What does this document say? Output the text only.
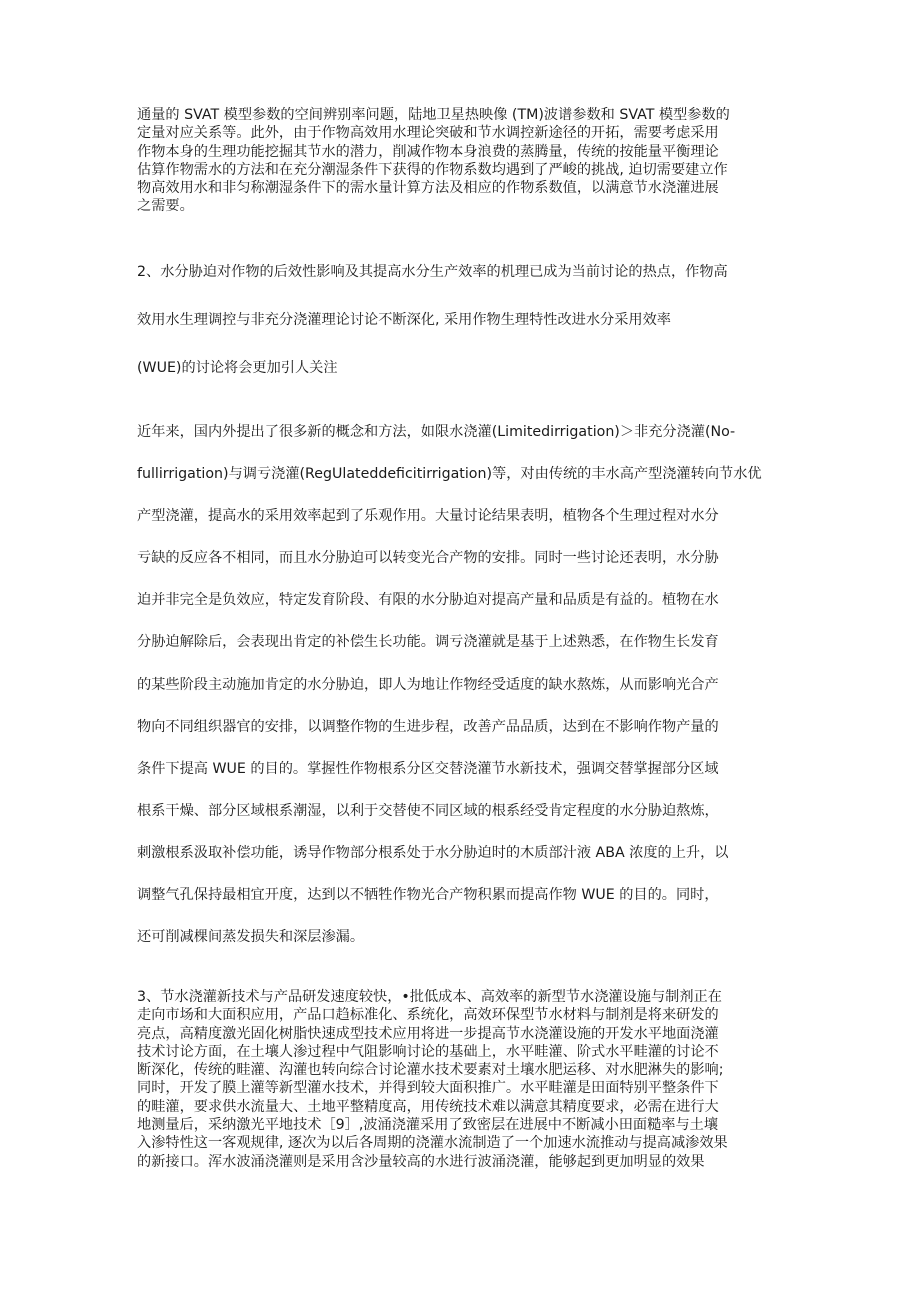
通量的 SVAT 模型参数的空间辨别率问题，陆地卫星热映像 (TM)波谱参数和 SVAT 模型参数的
定量对应关系等。此外，由于作物高效用水理论突破和节水调控新途径的开拓，需要考虑采用
作物本身的生理功能挖掘其节水的潜力，削减作物本身浪费的蒸腾量，传统的按能量平衡理论
估算作物需水的方法和在充分潮湿条件下获得的作物系数均遇到了严峻的挑战, 迫切需要建立作
物高效用水和非匀称潮湿条件下的需水量计算方法及相应的作物系数值，以满意节水浇灌进展
之需要。
2、水分胁迫对作物的后效性影响及其提高水分生产效率的机理已成为当前讨论的热点，作物高
效用水生理调控与非充分浇灌理论讨论不断深化, 采用作物生理特性改进水分采用效率
(WUE)的讨论将会更加引人关注
近年来，国内外提出了很多新的概念和方法，如限水浇灌(Limitedirrigation)＞非充分浇灌(No-
fullirrigation)与调亏浇灌(RegUlateddeficitirrigation)等，对由传统的丰水高产型浇灌转向节水优
产型浇灌，提高水的采用效率起到了乐观作用。大量讨论结果表明，植物各个生理过程对水分
亏缺的反应各不相同，而且水分胁迫可以转变光合产物的安排。同时一些讨论还表明，水分胁
迫并非完全是负效应，特定发育阶段、有限的水分胁迫对提高产量和品质是有益的。植物在水
分胁迫解除后，会表现出肯定的补偿生长功能。调亏浇灌就是基于上述熟悉，在作物生长发育
的某些阶段主动施加肯定的水分胁迫，即人为地让作物经受适度的缺水熬炼，从而影响光合产
物向不同组织器官的安排，以调整作物的生进步程，改善产品品质，达到在不影响作物产量的
条件下提高 WUE 的目的。掌握性作物根系分区交替浇灌节水新技术，强调交替掌握部分区域
根系干燥、部分区域根系潮湿，以利于交替使不同区域的根系经受肯定程度的水分胁迫熬炼，
刺激根系汲取补偿功能，诱导作物部分根系处于水分胁迫时的木质部汁液 ABA 浓度的上升，以
调整气孔保持最相宜开度，达到以不牺牲作物光合产物积累而提高作物 WUE 的目的。同时，
还可削减棵间蒸发损失和深层渗漏。
3、节水浇灌新技术与产品研发速度较快，•批低成本、高效率的新型节水浇灌设施与制剂正在
走向市场和大面积应用，产品口趋标准化、系统化，高效环保型节水材料与制剂是将来研发的
亮点，高精度激光固化树脂快速成型技术应用将进一步提高节水浇灌设施的开发水平地面浇灌
技术讨论方面，在土壤人渗过程中气阻影响讨论的基础上，水平畦灌、阶式水平畦灌的讨论不
断深化，传统的畦灌、沟灌也转向综合讨论灌水技术要素对土壤水肥运移、对水肥淋失的影响;
同时，开发了膜上灌等新型灌水技术，并得到较大面积推广。水平畦灌是田面特别平整条件下
的畦灌，要求供水流量大、土地平整精度高，用传统技术难以满意其精度要求，必需在进行大
地测量后，采纳激光平地技术［9］,波涌浇灌采用了致密层在进展中不断减小田面糙率与土壤
入渗特性这一客观规律, 逐次为以后各周期的浇灌水流制造了一个加速水流推动与提高减渗效果
的新接口。浑水波涌浇灌则是采用含沙量较高的水进行波涌浇灌，能够起到更加明显的效果
